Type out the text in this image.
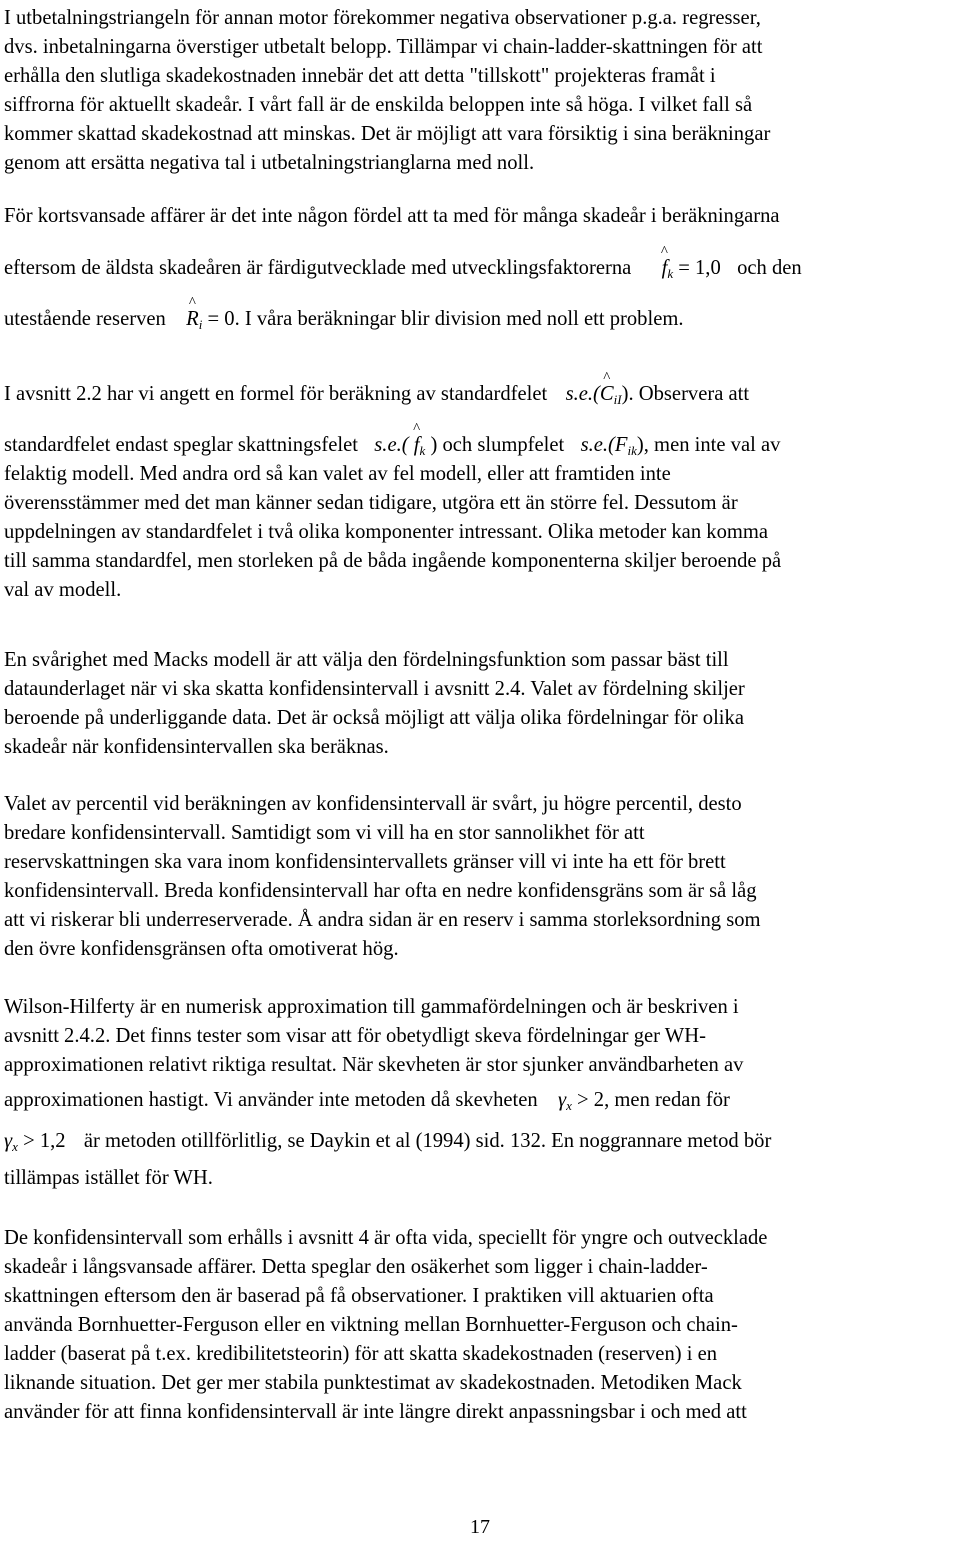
I utbetalningstriangeln för annan motor förekommer negativa observationer p.g.a. regresser,
dvs. inbetalningarna överstiger utbetalt belopp. Tillämpar vi chain-ladder-skattningen för att
erhålla den slutliga skadekostnaden innebär det att detta "tillskott" projekteras framåt i
siffrorna för aktuellt skadeår. I vårt fall är de enskilda beloppen inte så höga. I vilket fall så
kommer skattad skadekostnad att minskas. Det är möjligt att vara försiktig i sina beräkningar
genom att ersätta negativa tal i utbetalningstrianglarna med noll.
För kortsvansade affärer är det inte någon fördel att ta med för många skadeår i beräkningarna
eftersom de äldsta skadeåren är färdigutvecklade med utvecklingsfaktorerna ^ $f_k = 1,0$ och den
utestående reserven ^ $R_i = 0$. I våra beräkningar blir division med noll ett problem.
I avsnitt 2.2 har vi angett en formel för beräkning av standardfelet s.e.(^ $C_{iI}$). Observera att
standardfelet endast speglar skattningsfelet s.e.( ^ $f_k$ ) och slumpfelet $s.e.(F_{ik})$, men inte val av
felaktig modell. Med andra ord så kan valet av fel modell, eller att framtiden inte
överensstämmer med det man känner sedan tidigare, utgöra ett än större fel. Dessutom är
uppdelningen av standardfelet i två olika komponenter intressant. Olika metoder kan komma
till samma standardfel, men storleken på de båda ingående komponenterna skiljer beroende på
val av modell.
En svårighet med Macks modell är att välja den fördelningsfunktion som passar bäst till
dataunderlaget när vi ska skatta konfidensintervall i avsnitt 2.4. Valet av fördelning skiljer
beroende på underliggande data. Det är också möjligt att välja olika fördelningar för olika
skadeår när konfidensintervallen ska beräknas.
Valet av percentil vid beräkningen av konfidensintervall är svårt, ju högre percentil, desto
bredare konfidensintervall. Samtidigt som vi vill ha en stor sannolikhet för att
reservskattningen ska vara inom konfidensintervallets gränser vill vi inte ha ett för brett
konfidensintervall. Breda konfidensintervall har ofta en nedre konfidensgräns som är så låg
att vi riskerar bli underreserverade. Å andra sidan är en reserv i samma storleksordning som
den övre konfidensgränsen ofta omotiverat hög.
Wilson-Hilferty är en numerisk approximation till gammafördelningen och är beskriven i
avsnitt 2.4.2. Det finns tester som visar att för obetydligt skeva fördelningar ger WH-
approximationen relativt riktiga resultat. När skevheten är stor sjunker användbarheten av
approximationen hastigt. Vi använder inte metoden då skevheten $\gamma_x > 2$, men redan för
$\gamma_x > 1,2$ är metoden otillförlitlig, se Daykin et al (1994) sid. 132. En noggrannare metod bör
tillämpas istället för WH.
De konfidensintervall som erhålls i avsnitt 4 är ofta vida, speciellt för yngre och outvecklade
skadeår i långsvansade affärer. Detta speglar den osäkerhet som ligger i chain-ladder-
skattningen eftersom den är baserad på få observationer. I praktiken vill aktuarien ofta
använda Bornhuetter-Ferguson eller en viktning mellan Bornhuetter-Ferguson och chain-
ladder (baserat på t.ex. kredibilitetsteorin) för att skatta skadekostnaden (reserven) i en
liknande situation. Det ger mer stabila punktestimat av skadekostnaden. Metodiken Mack
använder för att finna konfidensintervall är inte längre direkt anpassningsbar i och med att
17
